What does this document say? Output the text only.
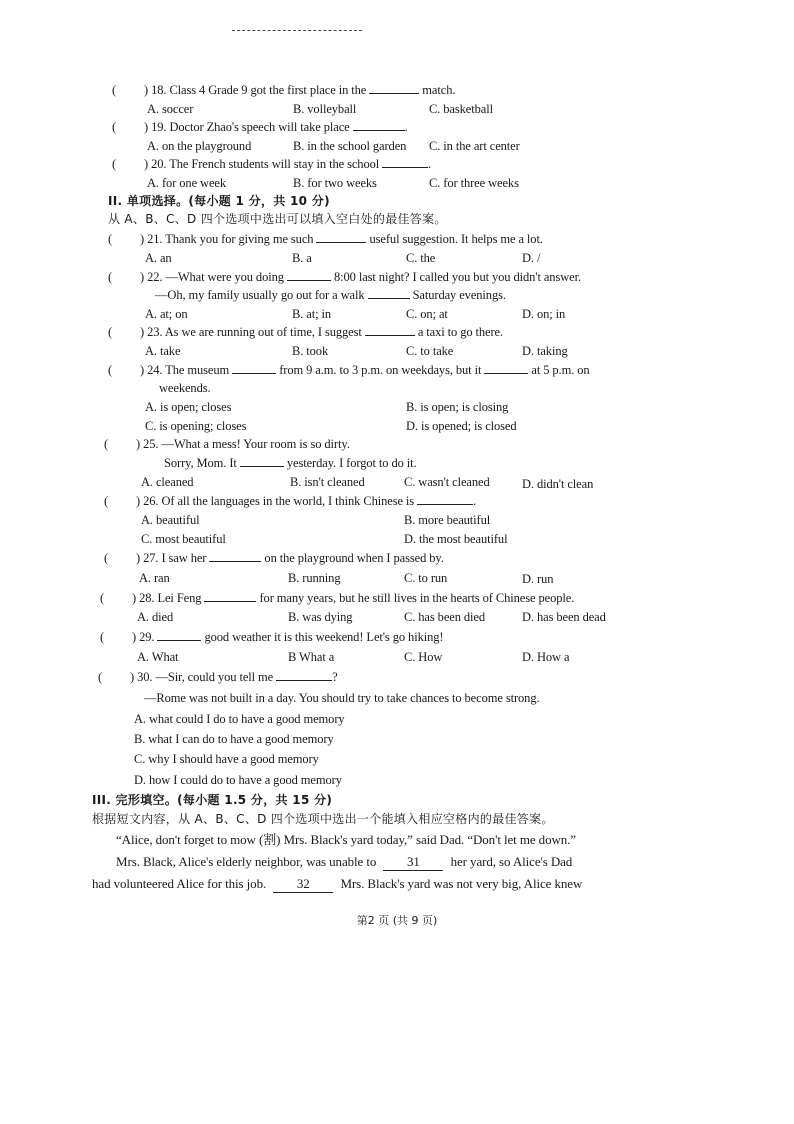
( ) 18. Class 4 Grade 9 got the first place in the	match.
A. soccer	B. volleyball	C. basketball
( ) 19. Doctor Zhao's speech will take place	.
A. on the playground	B. in the school garden C. in the art center
( ) 20. The French students will stay in the school	.
A. for one week	B. for two weeks	C. for three weeks
II. 单项选择。(每小题 1 分，共 10 分)
从 A、B、C、D 四个选项中选出可以填入空白处的最佳答案。
( ) 21. Thank you for giving me such	useful suggestion. It helps me a lot.
A. an	B. a	C. the	D. /
( ) 22. —What were you doing	8:00 last night? I called you but you didn't answer.
—Oh, my family usually go out for a walk	Saturday evenings.
A. at; on	B. at; in	C. on; at	D. on; in
( ) 23. As we are running out of time, I suggest	a taxi to go there.
A. take	B. took	C. to take	D. taking
( ) 24. The museum	from 9 a.m. to 3 p.m. on weekdays, but it	at 5 p.m. on
weekends.
A. is open; closes	B. is open; is closing
C. is opening; closes	D. is opened; is closed
( ) 25. —What a mess! Your room is so dirty.
Sorry, Mom. It	yesterday. I forgot to do it.
A. cleaned	B. isn't cleaned	C. wasn't cleaned	D. didn't clean
( ) 26. Of all the languages in the world, I think Chinese is	.
A. beautiful	B. more beautiful
C. most beautiful	D. the most beautiful
( ) 27. I saw her	on the playground when I passed by.
A. ran	B. running	C. to run	D. run
( ) 28. Lei Feng	for many years, but he still lives in the hearts of Chinese people.
A. died	B. was dying	C. has been died	D. has been dead
( ) 29.	good weather it is this weekend! Let's go hiking!
A. What	B What a	C. How	D. How a
( ) 30. —Sir, could you tell me	?
—Rome was not built in a day. You should try to take chances to become strong.
A. what could I do to have a good memory
B. what I can do to have a good memory
C. why I should have a good memory
D. how I could do to have a good memory
III. 完形填空。(每小题 1.5 分，共 15 分)
根据短文内容，从 A、B、C、D 四个选项中选出一个能填入相应空格内的最佳答案。
“Alice, don't forget to mow (割) Mrs. Black's yard today,” said Dad. “Don't let me down.”
Mrs. Black, Alice's elderly neighbor, was unable to 31 her yard, so Alice's Dad
had volunteered Alice for this job. 32 Mrs. Black's yard was not very big, Alice knew
第2 页 (共 9 页)
